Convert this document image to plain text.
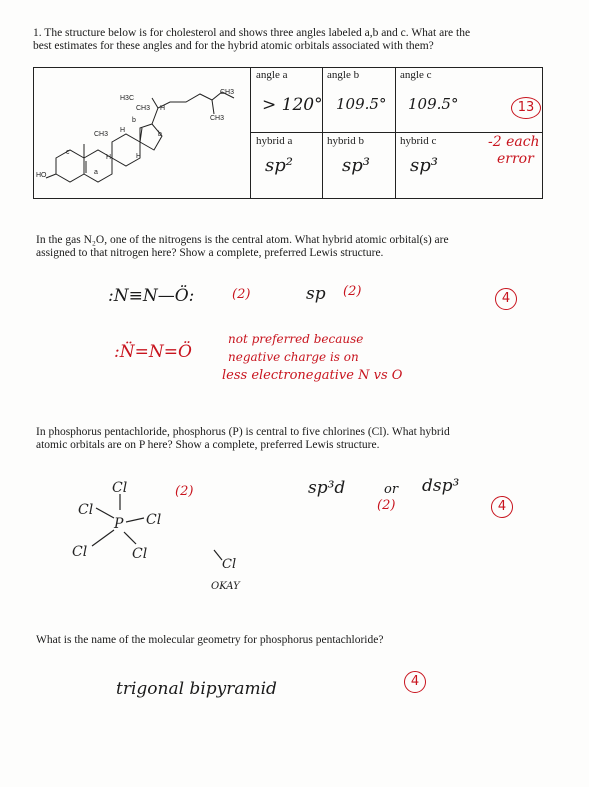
1. The structure below is for cholesterol and shows three angles labeled a,b and c. What are the
best estimates for these angles and for the hybrid atomic orbitals associated with them?
angle a	angle b	angle c
hybrid a	hybrid b	hybrid c
> 120° 109.5° 109.5°
sp²	sp³ sp³
H3C
CH3
CH3
CH3
CH3
H
H
H	H
HO
c
b
b
a
13
-2 each
error
In the gas N₂O, one of the nitrogens is the central atom. What hybrid atomic orbital(s) are
assigned to that nitrogen here? Show a complete, preferred Lewis structure.
:N≡N—Ö:	(2)	sp (2)	4
:N̈=N=Ö
not preferred because
negative charge is on
less electronegative N vs O
In phosphorus pentachloride, phosphorus (P) is central to five chlorines (Cl). What hybrid
atomic orbitals are on P here? Show a complete, preferred Lewis structure.
Cl
Cl
P Cl
Cl	Cl
(2)
Cl
OKAY
sp³d	or dsp³
(2)	4
What is the name of the molecular geometry for phosphorus pentachloride?
trigonal bipyramid	4
